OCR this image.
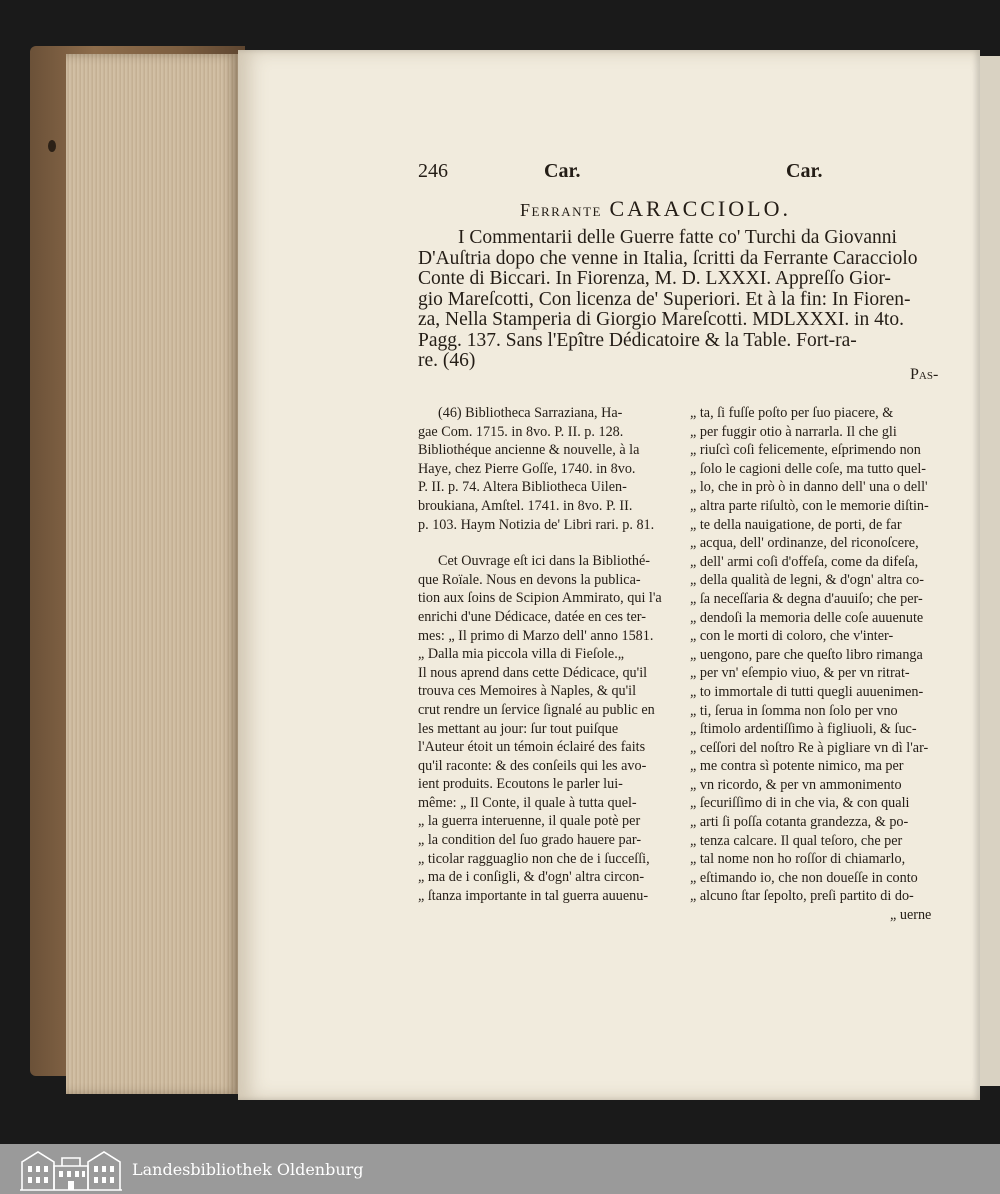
246	Car.	Car.
Ferrante CARACCIOLO.
I Commentarii delle Guerre fatte co' Turchi da Giovanni
D'Auſtria dopo che venne in Italia, ſcritti da Ferrante Caracciolo
Conte di Biccari. In Fiorenza, M. D. LXXXI. Appreſſo Gior-
gio Mareſcotti, Con licenza de' Superiori. Et à la fin: In Fioren-
za, Nella Stamperia di Giorgio Mareſcotti. MDLXXXI. in 4to.
Pagg. 137. Sans l'Epître Dédicatoire & la Table. Fort-ra-
re. (46)
Pas-
(46) Bibliotheca Sarraziana, Ha-
gae Com. 1715. in 8vo. P. II. p. 128.
Bibliothéque ancienne & nouvelle, à la
Haye, chez Pierre Goſſe, 1740. in 8vo.
P. II. p. 74. Altera Bibliotheca Uilen-
broukiana, Amſtel. 1741. in 8vo. P. II.
p. 103. Haym Notizia de' Libri rari. p. 81.
Cet Ouvrage eſt ici dans la Bibliothé-
que Roïale. Nous en devons la publica-
tion aux ſoins de Scipion Ammirato, qui l'a
enrichi d'une Dédicace, datée en ces ter-
mes: „ Il primo di Marzo dell' anno 1581.
„ Dalla mia piccola villa di Fieſole.„
Il nous aprend dans cette Dédicace, qu'il
trouva ces Memoires à Naples, & qu'il
crut rendre un ſervice ſignalé au public en
les mettant au jour: ſur tout puiſque
l'Auteur étoit un témoin éclairé des faits
qu'il raconte: & des conſeils qui les avo-
ient produits. Ecoutons le parler lui-
même: „ Il Conte, il quale à tutta quel-
„ la guerra interuenne, il quale potè per
„ la condition del ſuo grado hauere par-
„ ticolar ragguaglio non che de i ſucceſſi,
„ ma de i conſigli, & d'ogn' altra circon-
„ ſtanza importante in tal guerra auuenu-
„ ta, ſi fuſſe poſto per ſuo piacere, &
„ per fuggir otio à narrarla. Il che gli
„ riuſcì coſi felicemente, eſprimendo non
„ ſolo le cagioni delle coſe, ma tutto quel-
„ lo, che in prò ò in danno dell' una o dell'
„ altra parte riſultò, con le memorie diſtin-
„ te della nauigatione, de porti, de far
„ acqua, dell' ordinanze, del riconoſcere,
„ dell' armi coſi d'offeſa, come da difeſa,
„ della qualità de legni, & d'ogn' altra co-
„ ſa neceſſaria & degna d'auuiſo; che per-
„ dendoſi la memoria delle coſe auuenute
„ con le morti di coloro, che v'inter-
„ uengono, pare che queſto libro rimanga
„ per vn' eſempio viuo, & per vn ritrat-
„ to immortale di tutti quegli auuenimen-
„ ti, ſerua in ſomma non ſolo per vno
„ ſtimolo ardentiſſimo à figliuoli, & ſuc-
„ ceſſori del noſtro Re à pigliare vn dì l'ar-
„ me contra sì potente nimico, ma per
„ vn ricordo, & per vn ammonimento
„ ſecuriſſimo di in che via, & con quali
„ arti ſi poſſa cotanta grandezza, & po-
„ tenza calcare. Il qual teſoro, che per
„ tal nome non ho roſſor di chiamarlo,
„ eſtimando io, che non doueſſe in conto
„ alcuno ſtar ſepolto, preſi partito di do-
„ uerne
Landesbibliothek Oldenburg
